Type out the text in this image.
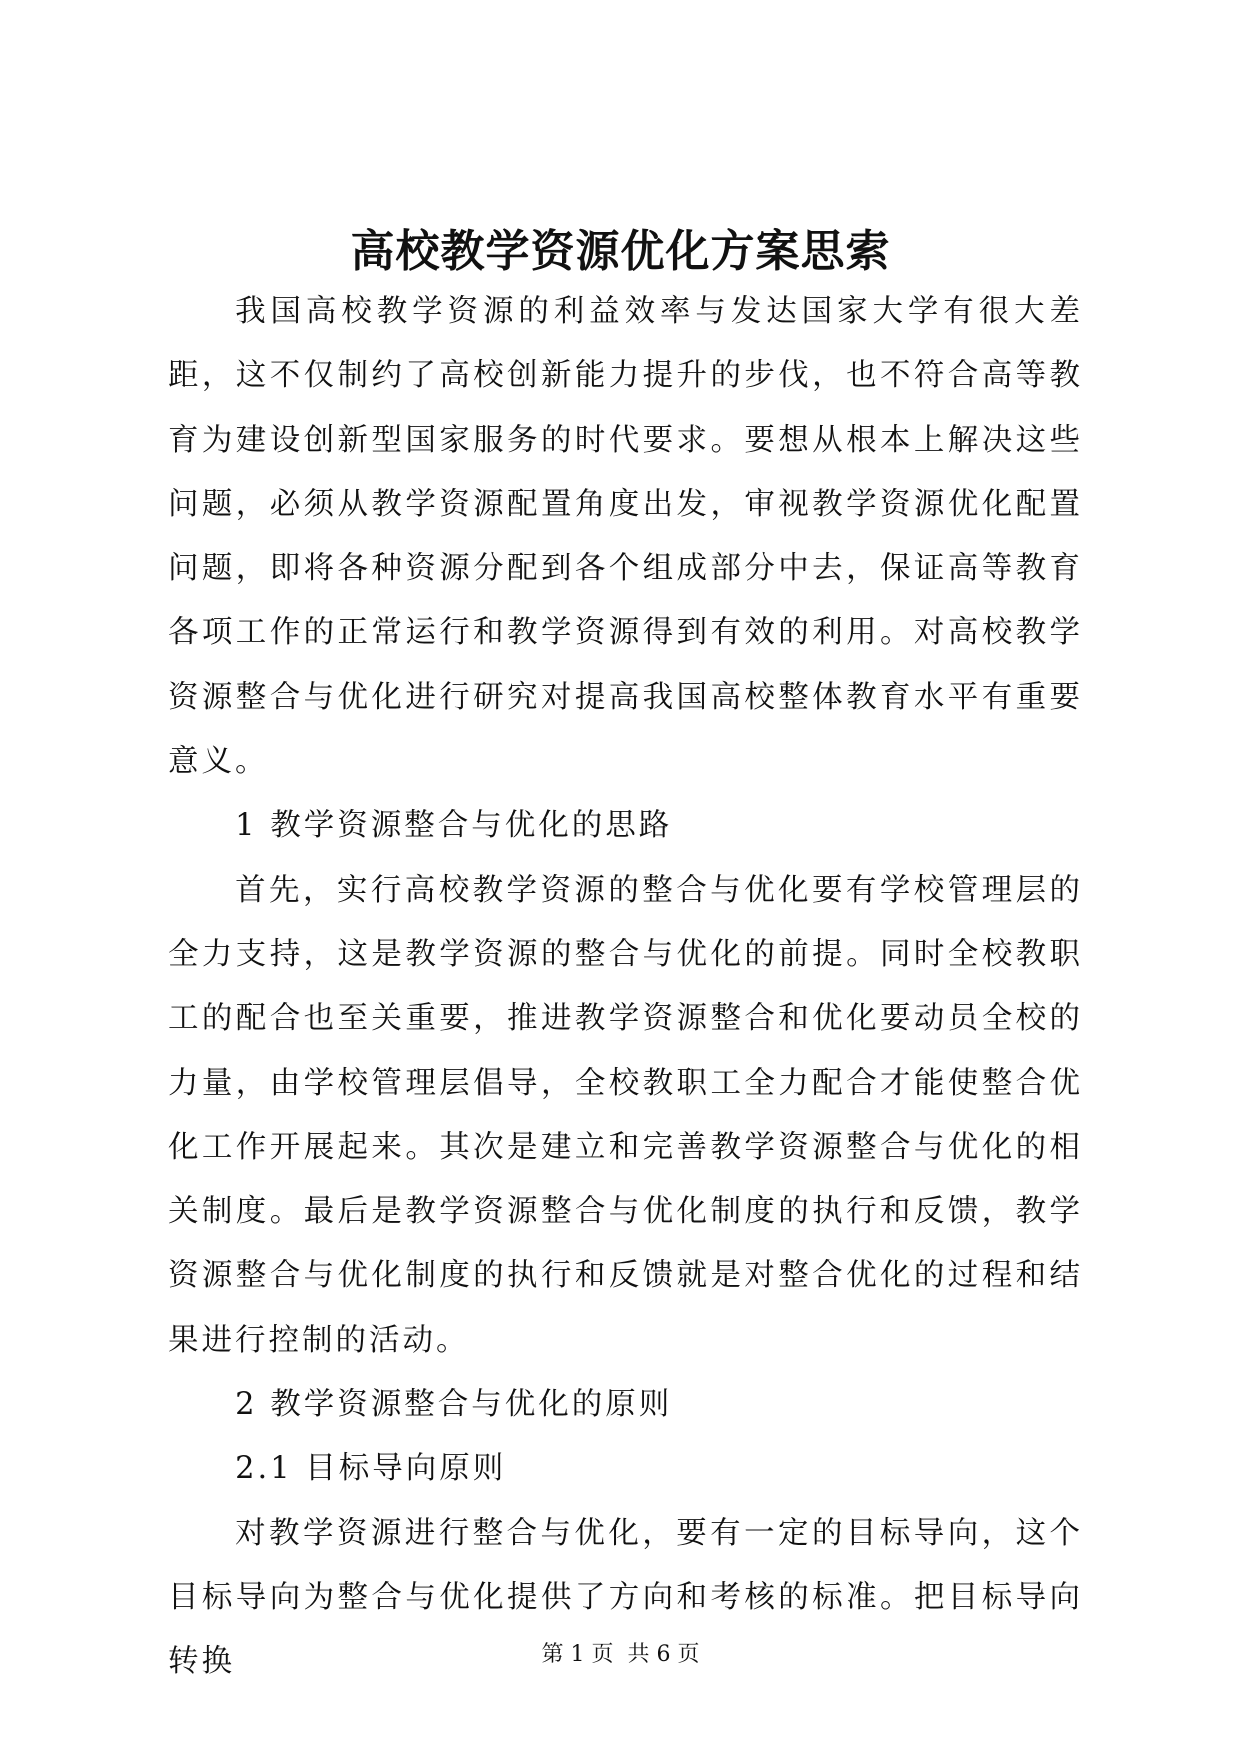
高校教学资源优化方案思索

我国高校教学资源的利益效率与发达国家大学有很大差距，这不仅制约了高校创新能力提升的步伐，也不符合高等教育为建设创新型国家服务的时代要求。要想从根本上解决这些问题，必须从教学资源配置角度出发，审视教学资源优化配置问题，即将各种资源分配到各个组成部分中去，保证高等教育各项工作的正常运行和教学资源得到有效的利用。对高校教学资源整合与优化进行研究对提高我国高校整体教育水平有重要意义。

1 教学资源整合与优化的思路

首先，实行高校教学资源的整合与优化要有学校管理层的全力支持，这是教学资源的整合与优化的前提。同时全校教职工的配合也至关重要，推进教学资源整合和优化要动员全校的力量，由学校管理层倡导，全校教职工全力配合才能使整合优化工作开展起来。其次是建立和完善教学资源整合与优化的相关制度。最后是教学资源整合与优化制度的执行和反馈，教学资源整合与优化制度的执行和反馈就是对整合优化的过程和结果进行控制的活动。

2 教学资源整合与优化的原则

2.1 目标导向原则

对教学资源进行整合与优化，要有一定的目标导向，这个目标导向为整合与优化提供了方向和考核的标准。把目标导向转换	第 1 页  共 6 页
